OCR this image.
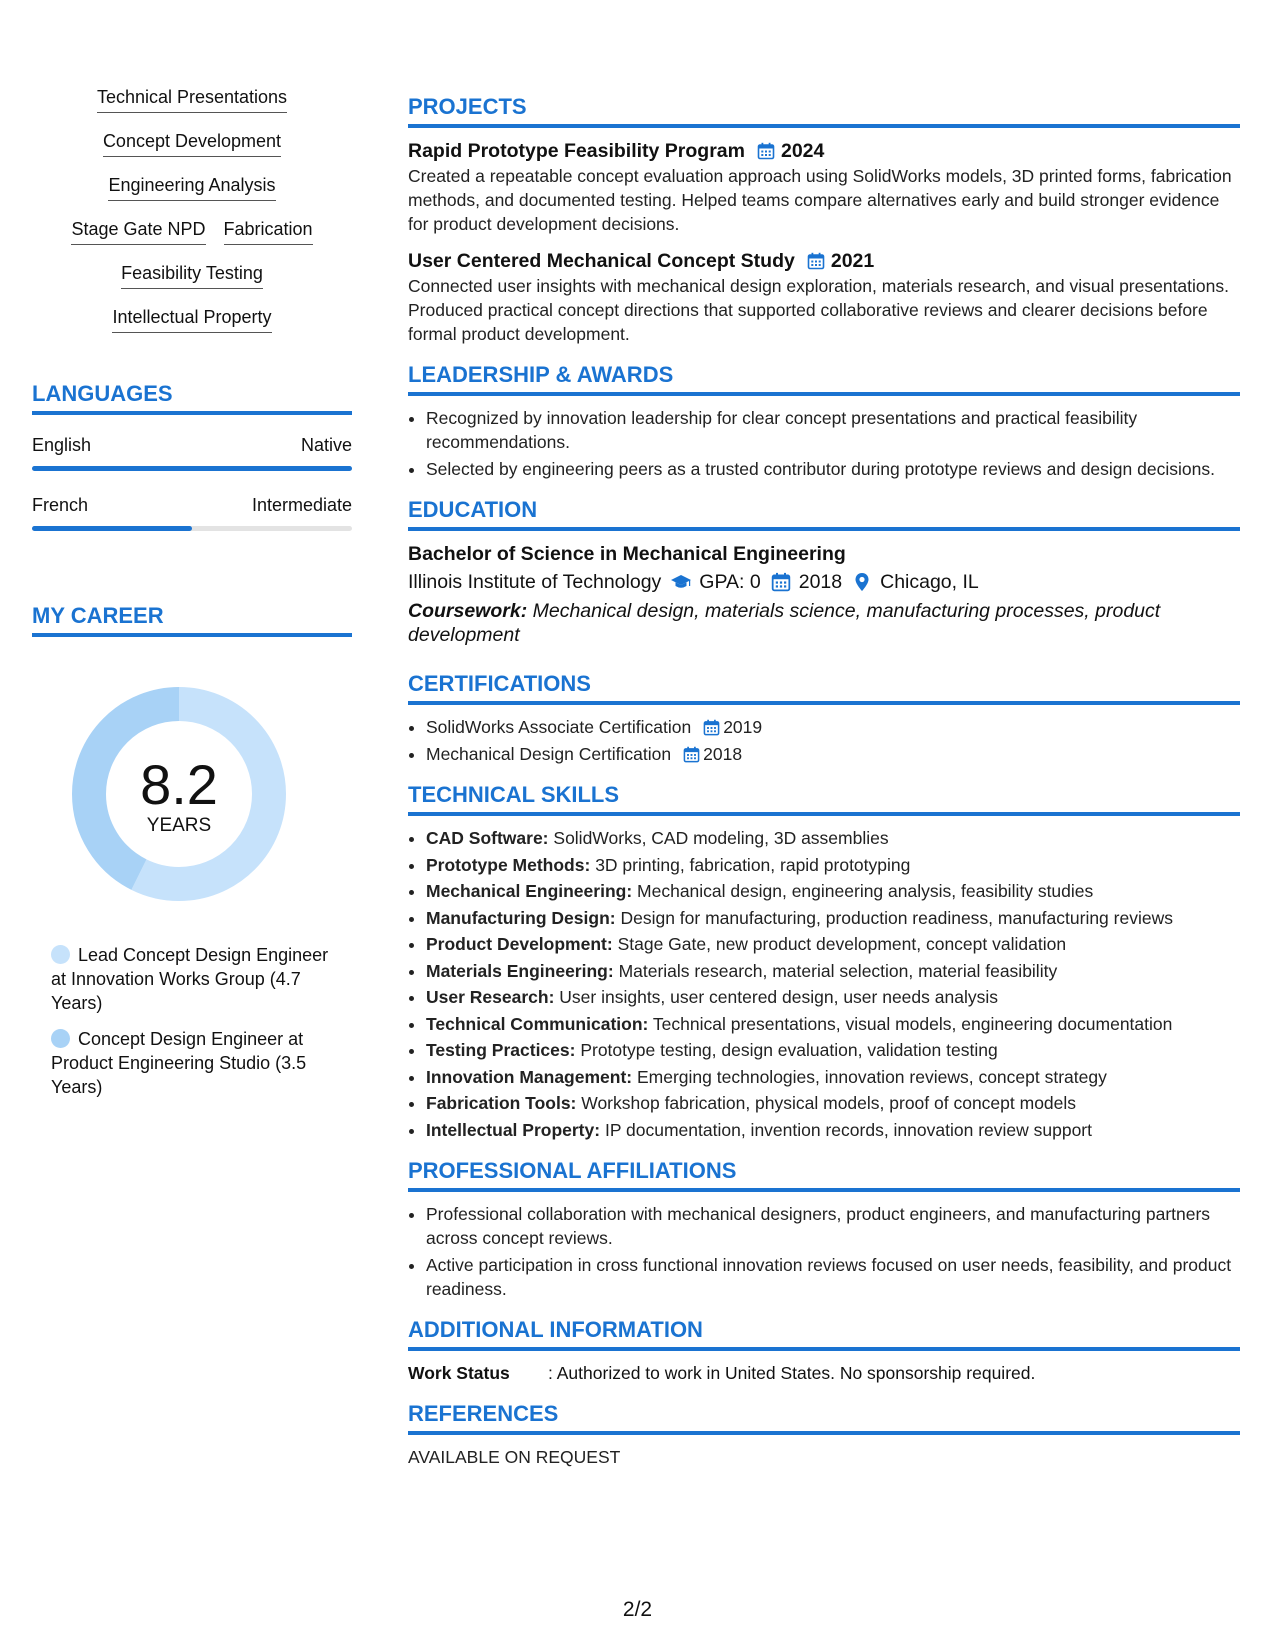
Technical Presentations
Concept Development
Engineering Analysis
Stage Gate NPD Fabrication
Feasibility Testing
Intellectual Property
LANGUAGES
English	Native
French	Intermediate
MY CAREER
8.2
YEARS
Lead Concept Design Engineer at Innovation Works Group (4.7 Years)
Concept Design Engineer at Product Engineering Studio (3.5 Years)
PROJECTS
Rapid Prototype Feasibility Program 2024
Created a repeatable concept evaluation approach using SolidWorks models, 3D printed forms, fabrication methods, and documented testing. Helped teams compare alternatives early and build stronger evidence for product development decisions.
User Centered Mechanical Concept Study 2021
Connected user insights with mechanical design exploration, materials research, and visual presentations. Produced practical concept directions that supported collaborative reviews and clearer decisions before formal product development.
LEADERSHIP & AWARDS
• Recognized by innovation leadership for clear concept presentations and practical feasibility recommendations.
• Selected by engineering peers as a trusted contributor during prototype reviews and design decisions.
EDUCATION
Bachelor of Science in Mechanical Engineering
Illinois Institute of Technology GPA: 0 2018 Chicago, IL
Coursework: Mechanical design, materials science, manufacturing processes, product development
CERTIFICATIONS
• SolidWorks Associate Certification 2019
• Mechanical Design Certification 2018
TECHNICAL SKILLS
• CAD Software: SolidWorks, CAD modeling, 3D assemblies
• Prototype Methods: 3D printing, fabrication, rapid prototyping
• Mechanical Engineering: Mechanical design, engineering analysis, feasibility studies
• Manufacturing Design: Design for manufacturing, production readiness, manufacturing reviews
• Product Development: Stage Gate, new product development, concept validation
• Materials Engineering: Materials research, material selection, material feasibility
• User Research: User insights, user centered design, user needs analysis
• Technical Communication: Technical presentations, visual models, engineering documentation
• Testing Practices: Prototype testing, design evaluation, validation testing
• Innovation Management: Emerging technologies, innovation reviews, concept strategy
• Fabrication Tools: Workshop fabrication, physical models, proof of concept models
• Intellectual Property: IP documentation, invention records, innovation review support
PROFESSIONAL AFFILIATIONS
• Professional collaboration with mechanical designers, product engineers, and manufacturing partners across concept reviews.
• Active participation in cross functional innovation reviews focused on user needs, feasibility, and product readiness.
ADDITIONAL INFORMATION
Work Status	: Authorized to work in United States. No sponsorship required.
REFERENCES
AVAILABLE ON REQUEST
2/2
